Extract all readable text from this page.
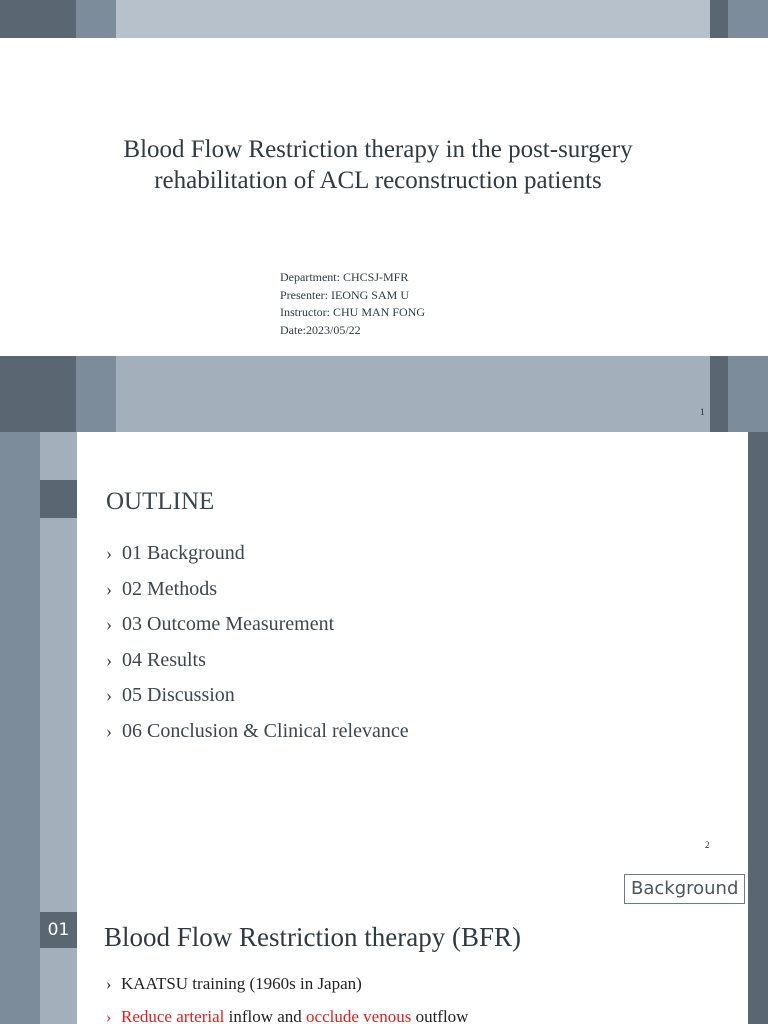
Blood Flow Restriction therapy in the post-surgery rehabilitation of ACL reconstruction patients
Department: CHCSJ-MFR
Presenter: IEONG SAM U
Instructor: CHU MAN FONG
Date:2023/05/22
1
OUTLINE
› 01 Background
› 02 Methods
› 03 Outcome Measurement
› 04 Results
› 05 Discussion
› 06 Conclusion & Clinical relevance
2
Background
01 Blood Flow Restriction therapy (BFR)
› KAATSU training (1960s in Japan)
› Reduce arterial inflow and occlude venous outflow
